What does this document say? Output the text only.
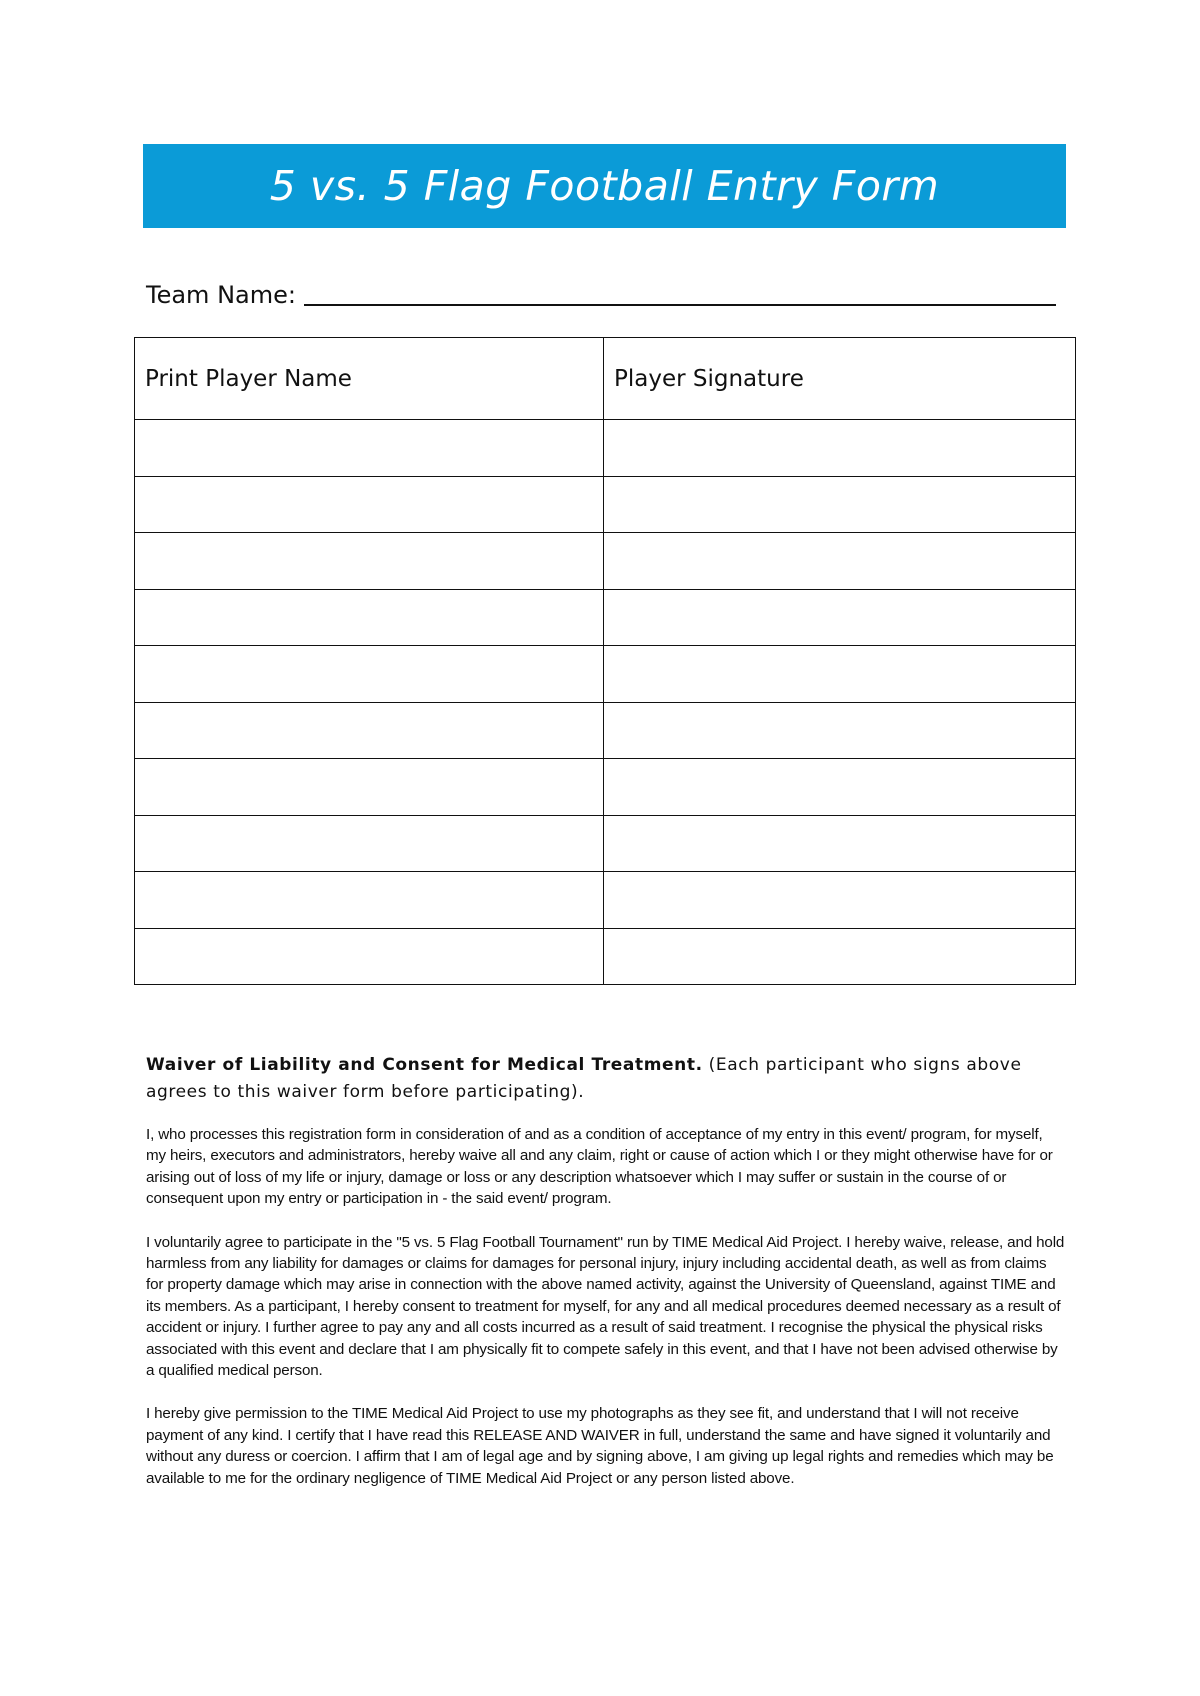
5 vs. 5 Flag Football Entry Form
Team Name:
Print Player Name	Player Signature

Waiver of Liability and Consent for Medical Treatment. (Each participant who signs above agrees to this waiver form before participating).

I, who processes this registration form in consideration of and as a condition of acceptance of my entry in this event/ program, for myself, my heirs, executors and administrators, hereby waive all and any claim, right or cause of action which I or they might otherwise have for or arising out of loss of my life or injury, damage or loss or any description whatsoever which I may suffer or sustain in the course of or consequent upon my entry or participation in - the said event/ program.

I voluntarily agree to participate in the "5 vs. 5 Flag Football Tournament" run by TIME Medical Aid Project. I hereby waive, release, and hold harmless from any liability for damages or claims for damages for personal injury, injury including accidental death, as well as from claims for property damage which may arise in connection with the above named activity, against the University of Queensland, against TIME and its members. As a participant, I hereby consent to treatment for myself, for any and all medical procedures deemed necessary as a result of accident or injury. I further agree to pay any and all costs incurred as a result of said treatment. I recognise the physical the physical risks associated with this event and declare that I am physically fit to compete safely in this event, and that I have not been advised otherwise by a qualified medical person.

I hereby give permission to the TIME Medical Aid Project to use my photographs as they see fit, and understand that I will not receive payment of any kind. I certify that I have read this RELEASE AND WAIVER in full, understand the same and have signed it voluntarily and without any duress or coercion. I affirm that I am of legal age and by signing above, I am giving up legal rights and remedies which may be available to me for the ordinary negligence of TIME Medical Aid Project or any person listed above.
